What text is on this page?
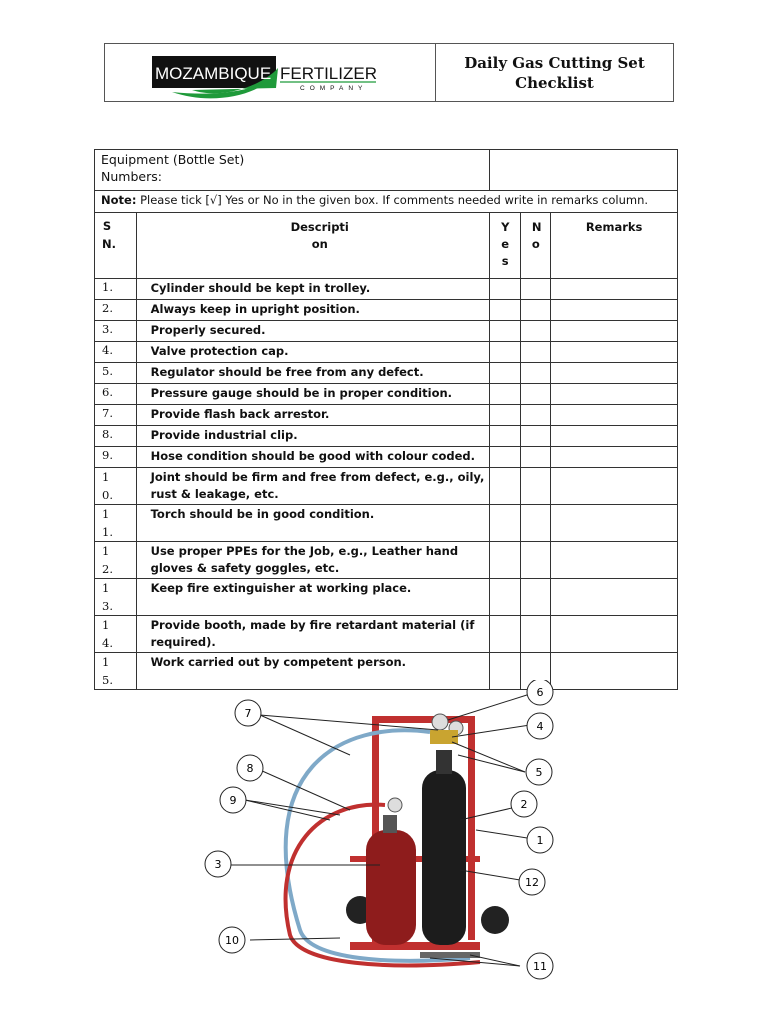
MOZAMBIQUE FERTILIZER
COMPANY
Daily Gas Cutting Set
Checklist
Equipment (Bottle Set)
Numbers:				

Note: Please tick [√] Yes or No in the given box. If comments needed write in remarks column.				

S N.	Descripti on	Yes	No	Remarks
1.	Cylinder should be kept in trolley.			
2.	Always keep in upright position.			
3.	Properly secured.			
4.	Valve protection cap.			
5.	Regulator should be free from any defect.			
6.	Pressure gauge should be in proper condition.			
7.	Provide flash back arrestor.			
8.	Provide industrial clip.			
9.	Hose condition should be good with colour coded.			

10.	Joint should be firm and free from defect, e.g., oily, rust & leakage, etc.			

11.	Torch should be in good condition.			

12.	Use proper PPEs for the Job, e.g., Leather hand gloves & safety goggles, etc.			

13.	Keep fire extinguisher at working place.			

14.	Provide booth, made by fire retardant material (if required).			

15.	Work carried out by competent person.			
7
6
4
5
8
9	2
1
3
12
10
11
